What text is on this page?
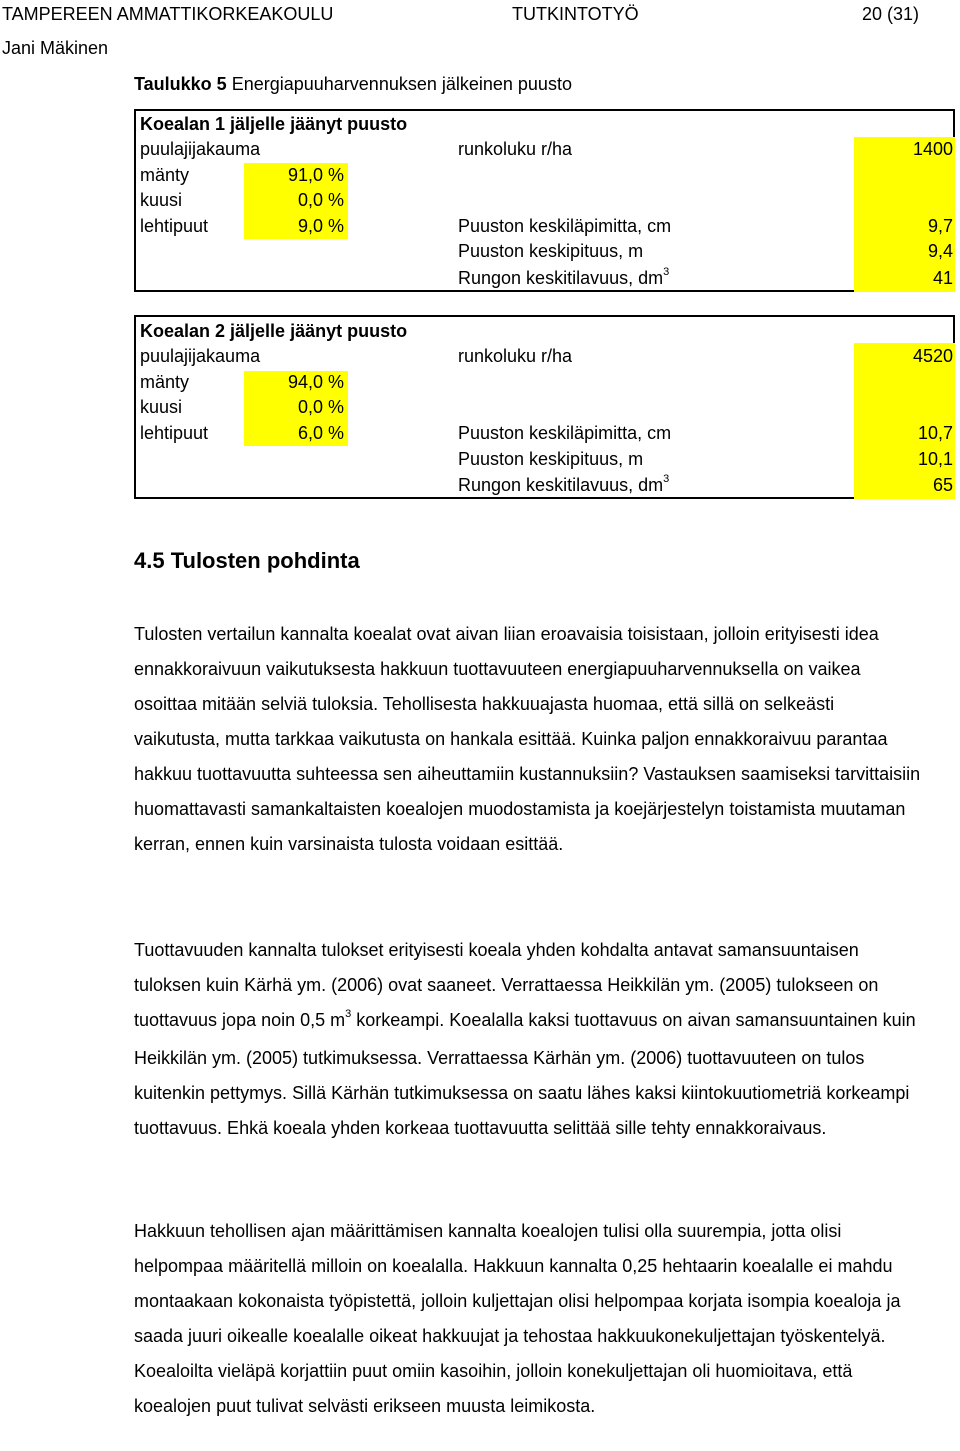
TAMPEREEN AMMATTIKORKEAKOULU	TUTKINTOTYÖ	20 (31)
Jani Mäkinen
Taulukko 5 Energiapuuharvennuksen jälkeinen puusto
Koealan 1 jäljelle jäänyt puusto
puulajijakauma	runkoluku r/ha	1400
mänty	91,0 %
kuusi	0,0 %
lehtipuut	9,0 %	Puuston keskiläpimitta, cm	9,7
Puuston keskipituus, m	9,4
Rungon keskitilavuus, $dm^3$	41
Koealan 2 jäljelle jäänyt puusto
puulajijakauma	runkoluku r/ha	4520
mänty	94,0 %
kuusi	0,0 %
lehtipuut	6,0 %	Puuston keskiläpimitta, cm	10,7
Puuston keskipituus, m	10,1
Rungon keskitilavuus, $dm^3$	65
4.5 Tulosten pohdinta

Tulosten vertailun kannalta koealat ovat aivan liian eroavaisia toisistaan, jolloin erityisesti idea ennakkoraivuun vaikutuksesta hakkuun tuottavuuteen energiapuuharvennuksella on vaikea osoittaa mitään selviä tuloksia. Tehollisesta hakkuuajasta huomaa, että sillä on selkeästi vaikutusta, mutta tarkkaa vaikutusta on hankala esittää. Kuinka paljon ennakkoraivuu parantaa hakkuu tuottavuutta suhteessa sen aiheuttamiin kustannuksiin? Vastauksen saamiseksi tarvittaisiin huomattavasti samankaltaisten koealojen muodostamista ja koejärjestelyn toistamista muutaman kerran, ennen kuin varsinaista tulosta voidaan esittää.

Tuottavuuden kannalta tulokset erityisesti koeala yhden kohdalta antavat samansuuntaisen tuloksen kuin Kärhä ym. (2006) ovat saaneet. Verrattaessa Heikkilän ym. (2005) tulokseen on tuottavuus jopa noin 0,5 $m^3$ korkeampi. Koealalla kaksi tuottavuus on aivan samansuuntainen kuin Heikkilän ym. (2005) tutkimuksessa. Verrattaessa Kärhän ym. (2006) tuottavuuteen on tulos kuitenkin pettymys. Sillä Kärhän tutkimuksessa on saatu lähes kaksi kiintokuutiometriä korkeampi tuottavuus. Ehkä koeala yhden korkeaa tuottavuutta selittää sille tehty ennakkoraivaus.

Hakkuun tehollisen ajan määrittämisen kannalta koealojen tulisi olla suurempia, jotta olisi helpompaa määritellä milloin on koealalla. Hakkuun kannalta 0,25 hehtaarin koealalle ei mahdu montaakaan kokonaista työpistettä, jolloin kuljettajan olisi helpompaa korjata isompia koealoja ja saada juuri oikealle koealalle oikeat hakkuujat ja tehostaa hakkuukonekuljettajan työskentelyä. Koealoilta vieläpä korjattiin puut omiin kasoihin, jolloin konekuljettajan oli huomioitava, että koealojen puut tulivat selvästi erikseen muusta leimikosta.
